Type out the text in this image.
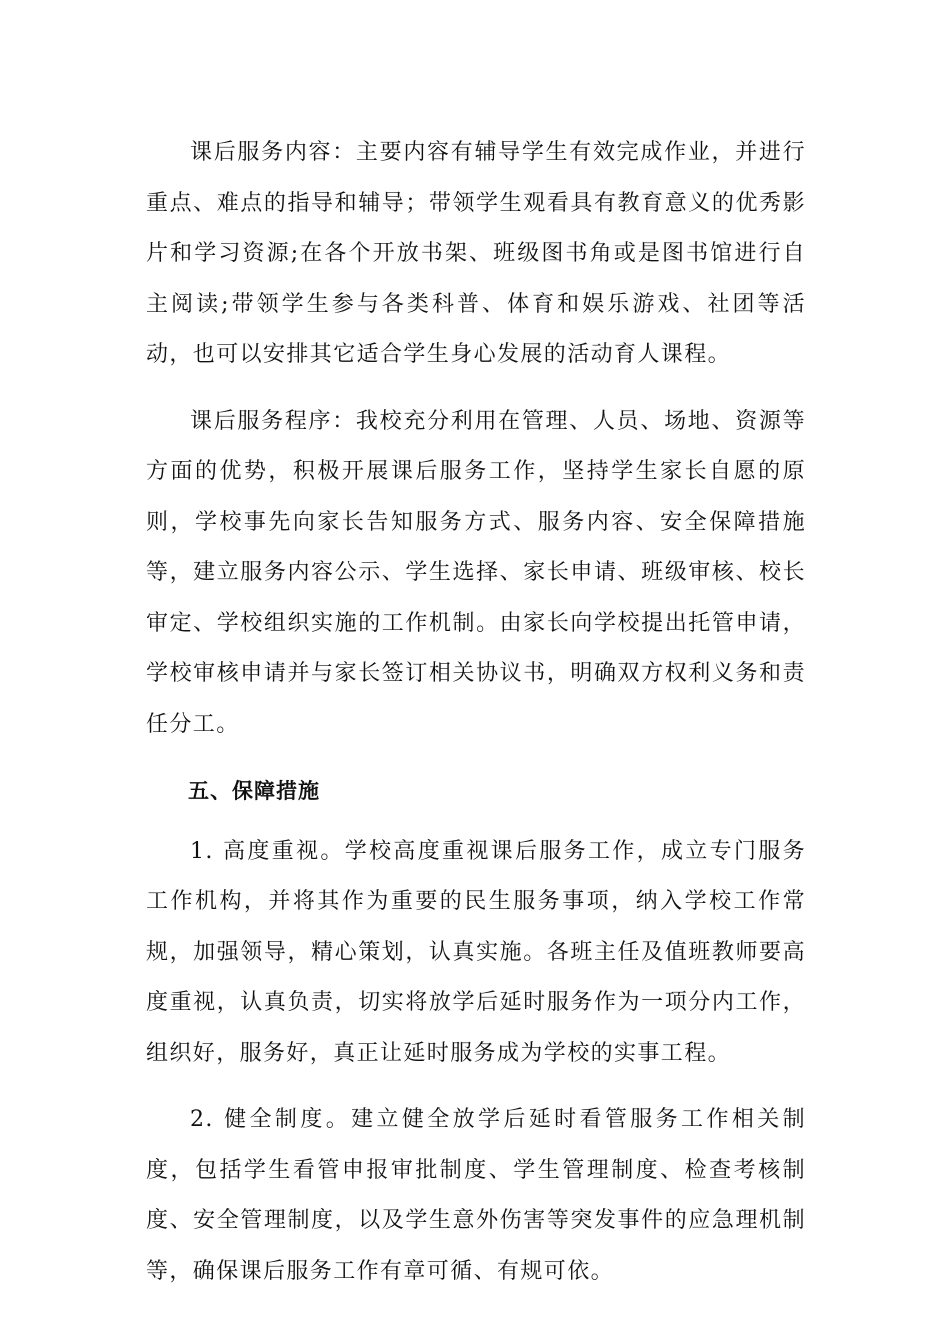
课后服务内容：主要内容有辅导学生有效完成作业，并进行重点、难点的指导和辅导；带领学生观看具有教育意义的优秀影片和学习资源;在各个开放书架、班级图书角或是图书馆进行自主阅读;带领学生参与各类科普、体育和娱乐游戏、社团等活动，也可以安排其它适合学生身心发展的活动育人课程。

课后服务程序：我校充分利用在管理、人员、场地、资源等方面的优势，积极开展课后服务工作，坚持学生家长自愿的原则，学校事先向家长告知服务方式、服务内容、安全保障措施等，建立服务内容公示、学生选择、家长申请、班级审核、校长审定、学校组织实施的工作机制。由家长向学校提出托管申请，学校审核申请并与家长签订相关协议书，明确双方权利义务和责任分工。

五、保障措施

1. 高度重视。学校高度重视课后服务工作，成立专门服务工作机构，并将其作为重要的民生服务事项，纳入学校工作常规，加强领导，精心策划，认真实施。各班主任及值班教师要高度重视，认真负责，切实将放学后延时服务作为一项分内工作，组织好，服务好，真正让延时服务成为学校的实事工程。

2. 健全制度。建立健全放学后延时看管服务工作相关制度，包括学生看管申报审批制度、学生管理制度、检查考核制度、安全管理制度，以及学生意外伤害等突发事件的应急理机制等，确保课后服务工作有章可循、有规可依。
